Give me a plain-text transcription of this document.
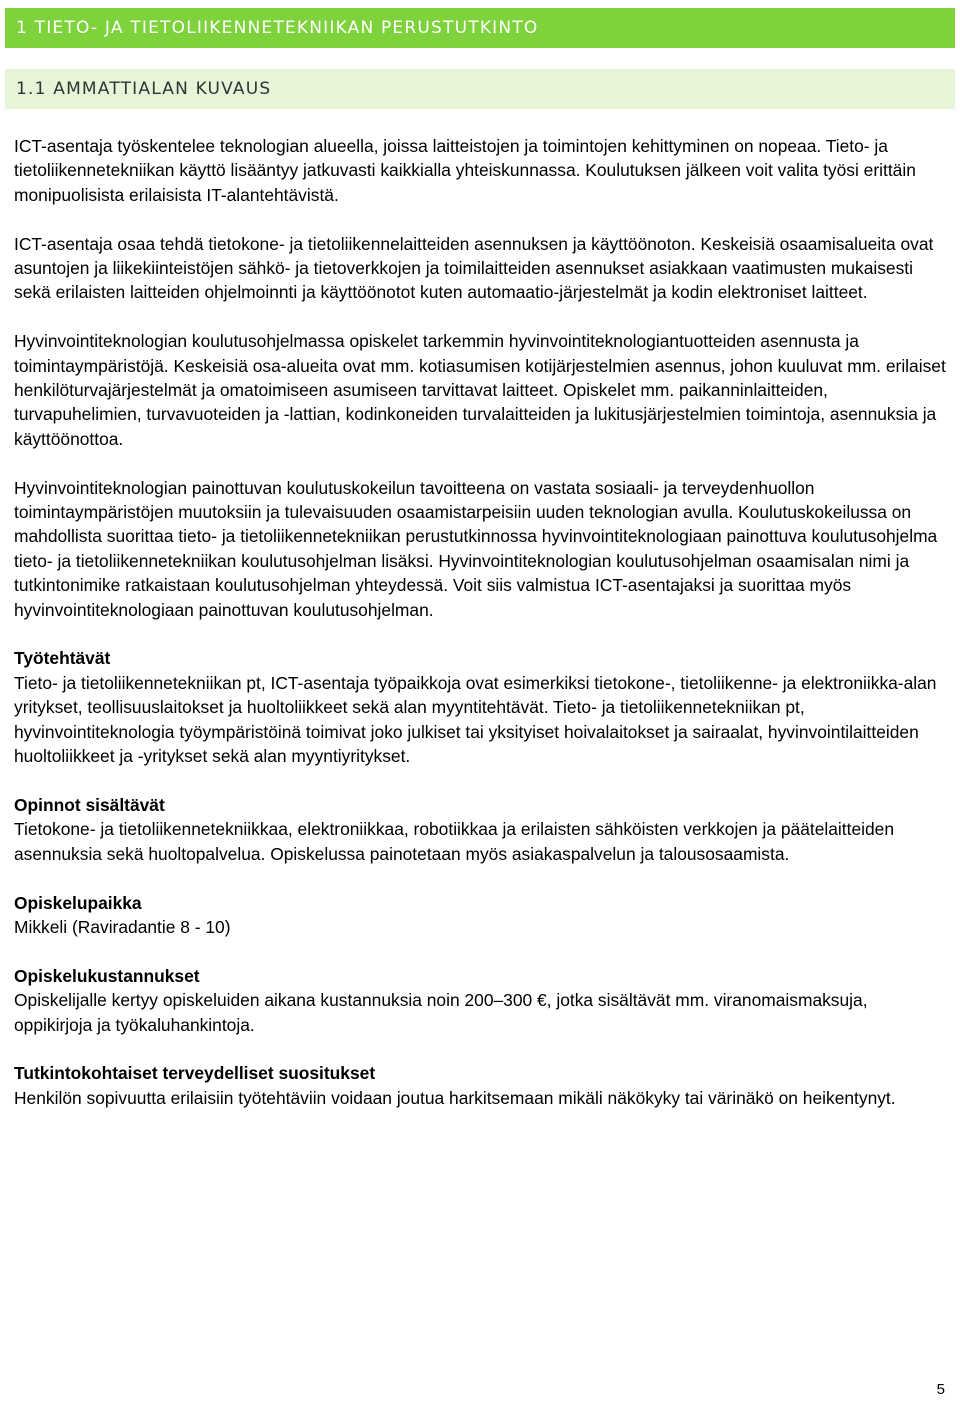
1 TIETO- JA TIETOLIIKENNETEKNIIKAN PERUSTUTKINTO
1.1 AMMATTIALAN KUVAUS

ICT-asentaja työskentelee teknologian alueella, joissa laitteistojen ja toimintojen kehittyminen on nopeaa. Tieto- ja tietoliikennetekniikan käyttö lisääntyy jatkuvasti kaikkialla yhteiskunnassa. Koulutuksen jälkeen voit valita työsi erittäin monipuolisista erilaisista IT-alantehtävistä.

ICT-asentaja osaa tehdä tietokone- ja tietoliikennelaitteiden asennuksen ja käyttöönoton. Keskeisiä osaamisalueita ovat asuntojen ja liikekiinteistöjen sähkö- ja tietoverkkojen ja toimilaitteiden asennukset asiakkaan vaatimusten mukaisesti sekä erilaisten laitteiden ohjelmoinnti ja käyttöönotot kuten automaatio-järjestelmät ja kodin elektroniset laitteet.

Hyvinvointiteknologian koulutusohjelmassa opiskelet tarkemmin hyvinvointiteknologiantuotteiden asennusta ja toimintaympäristöjä. Keskeisiä osa-alueita ovat mm. kotiasumisen kotijärjestelmien asennus, johon kuuluvat mm. erilaiset henkilöturvajärjestelmät ja omatoimiseen asumiseen tarvittavat laitteet. Opiskelet mm. paikanninlaitteiden, turvapuhelimien, turvavuoteiden ja -lattian, kodinkoneiden turvalaitteiden ja lukitusjärjestelmien toimintoja, asennuksia ja käyttöönottoa.

Hyvinvointiteknologian painottuvan koulutuskokeilun tavoitteena on vastata sosiaali- ja terveydenhuollon toimintaympäristöjen muutoksiin ja tulevaisuuden osaamistarpeisiin uuden teknologian avulla. Koulutuskokeilussa on mahdollista suorittaa tieto- ja tietoliikennetekniikan perustutkinnossa hyvinvointiteknologiaan painottuva koulutusohjelma tieto- ja tietoliikennetekniikan koulutusohjelman lisäksi. Hyvinvointiteknologian koulutusohjelman osaamisalan nimi ja tutkintonimike ratkaistaan koulutusohjelman yhteydessä. Voit siis valmistua ICT-asentajaksi ja suorittaa myös hyvinvointiteknologiaan painottuvan koulutusohjelman.

Työtehtävät

Tieto- ja tietoliikennetekniikan pt, ICT-asentaja työpaikkoja ovat esimerkiksi tietokone-, tietoliikenne- ja elektroniikka-alan yritykset, teollisuuslaitokset ja huoltoliikkeet sekä alan myyntitehtävät. Tieto- ja tietoliikennetekniikan pt, hyvinvointiteknologia työympäristöinä toimivat joko julkiset tai yksityiset hoivalaitokset ja sairaalat, hyvinvointilaitteiden huoltoliikkeet ja -yritykset sekä alan myyntiyritykset.

Opinnot sisältävät

Tietokone- ja tietoliikennetekniikkaa, elektroniikkaa, robotiikkaa ja erilaisten sähköisten verkkojen ja päätelaitteiden asennuksia sekä huoltopalvelua. Opiskelussa painotetaan myös asiakaspalvelun ja talousosaamista.

Opiskelupaikka

Mikkeli (Raviradantie 8 - 10)

Opiskelukustannukset

Opiskelijalle kertyy opiskeluiden aikana kustannuksia noin 200–300 €, jotka sisältävät mm. viranomaismaksuja, oppikirjoja ja työkaluhankintoja.

Tutkintokohtaiset terveydelliset suositukset

Henkilön sopivuutta erilaisiin työtehtäviin voidaan joutua harkitsemaan mikäli näkökyky tai värinäkö on heikentynyt.

5
